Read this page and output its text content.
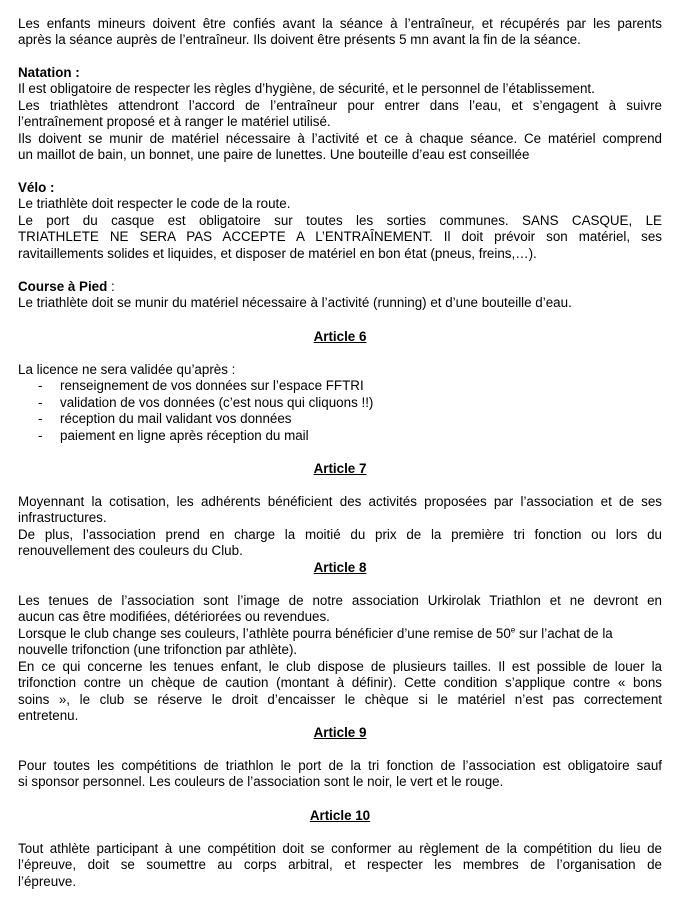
Les enfants mineurs doivent être confiés avant la séance à l’entraîneur, et récupérés par les parents
après la séance auprès de l’entraîneur. Ils doivent être présents 5 mn avant la fin de la séance.
Natation :
Il est obligatoire de respecter les règles d’hygiène, de sécurité, et le personnel de l’établissement.
Les triathlètes attendront l’accord de l’entraîneur pour entrer dans l’eau, et s’engagent à suivre
l’entraînement proposé et à ranger le matériel utilisé.
Ils doivent se munir de matériel nécessaire à l’activité et ce à chaque séance. Ce matériel comprend
un maillot de bain, un bonnet, une paire de lunettes. Une bouteille d’eau est conseillée
Vélo :
Le triathlète doit respecter le code de la route.
Le port du casque est obligatoire sur toutes les sorties communes. SANS CASQUE, LE
TRIATHLETE NE SERA PAS ACCEPTE A L’ENTRAÎNEMENT. Il doit prévoir son matériel, ses
ravitaillements solides et liquides, et disposer de matériel en bon état (pneus, freins,…).
Course à Pied :
Le triathlète doit se munir du matériel nécessaire à l’activité (running) et d’une bouteille d’eau.
Article 6
La licence ne sera validée qu’après :
- renseignement de vos données sur l’espace FFTRI
- validation de vos données (c’est nous qui cliquons !!)
- réception du mail validant vos données
- paiement en ligne après réception du mail
Article 7
Moyennant la cotisation, les adhérents bénéficient des activités proposées par l’association et de ses
infrastructures.
De plus, l’association prend en charge la moitié du prix de la première tri fonction ou lors du
renouvellement des couleurs du Club.
Article 8
Les tenues de l’association sont l’image de notre association Urkirolak Triathlon et ne devront en
aucun cas être modifiées, détériorées ou revendues.
Lorsque le club change ses couleurs, l’athlète pourra bénéficier d’une remise de 50e sur l’achat de la
nouvelle trifonction (une trifonction par athlète).
En ce qui concerne les tenues enfant, le club dispose de plusieurs tailles. Il est possible de louer la
trifonction contre un chèque de caution (montant à définir). Cette condition s’applique contre « bons
soins », le club se réserve le droit d’encaisser le chèque si le matériel n’est pas correctement
entretenu.
Article 9
Pour toutes les compétitions de triathlon le port de la tri fonction de l’association est obligatoire sauf
si sponsor personnel. Les couleurs de l’association sont le noir, le vert et le rouge.
Article 10
Tout athlète participant à une compétition doit se conformer au règlement de la compétition du lieu de
l’épreuve, doit se soumettre au corps arbitral, et respecter les membres de l’organisation de
l’épreuve.
